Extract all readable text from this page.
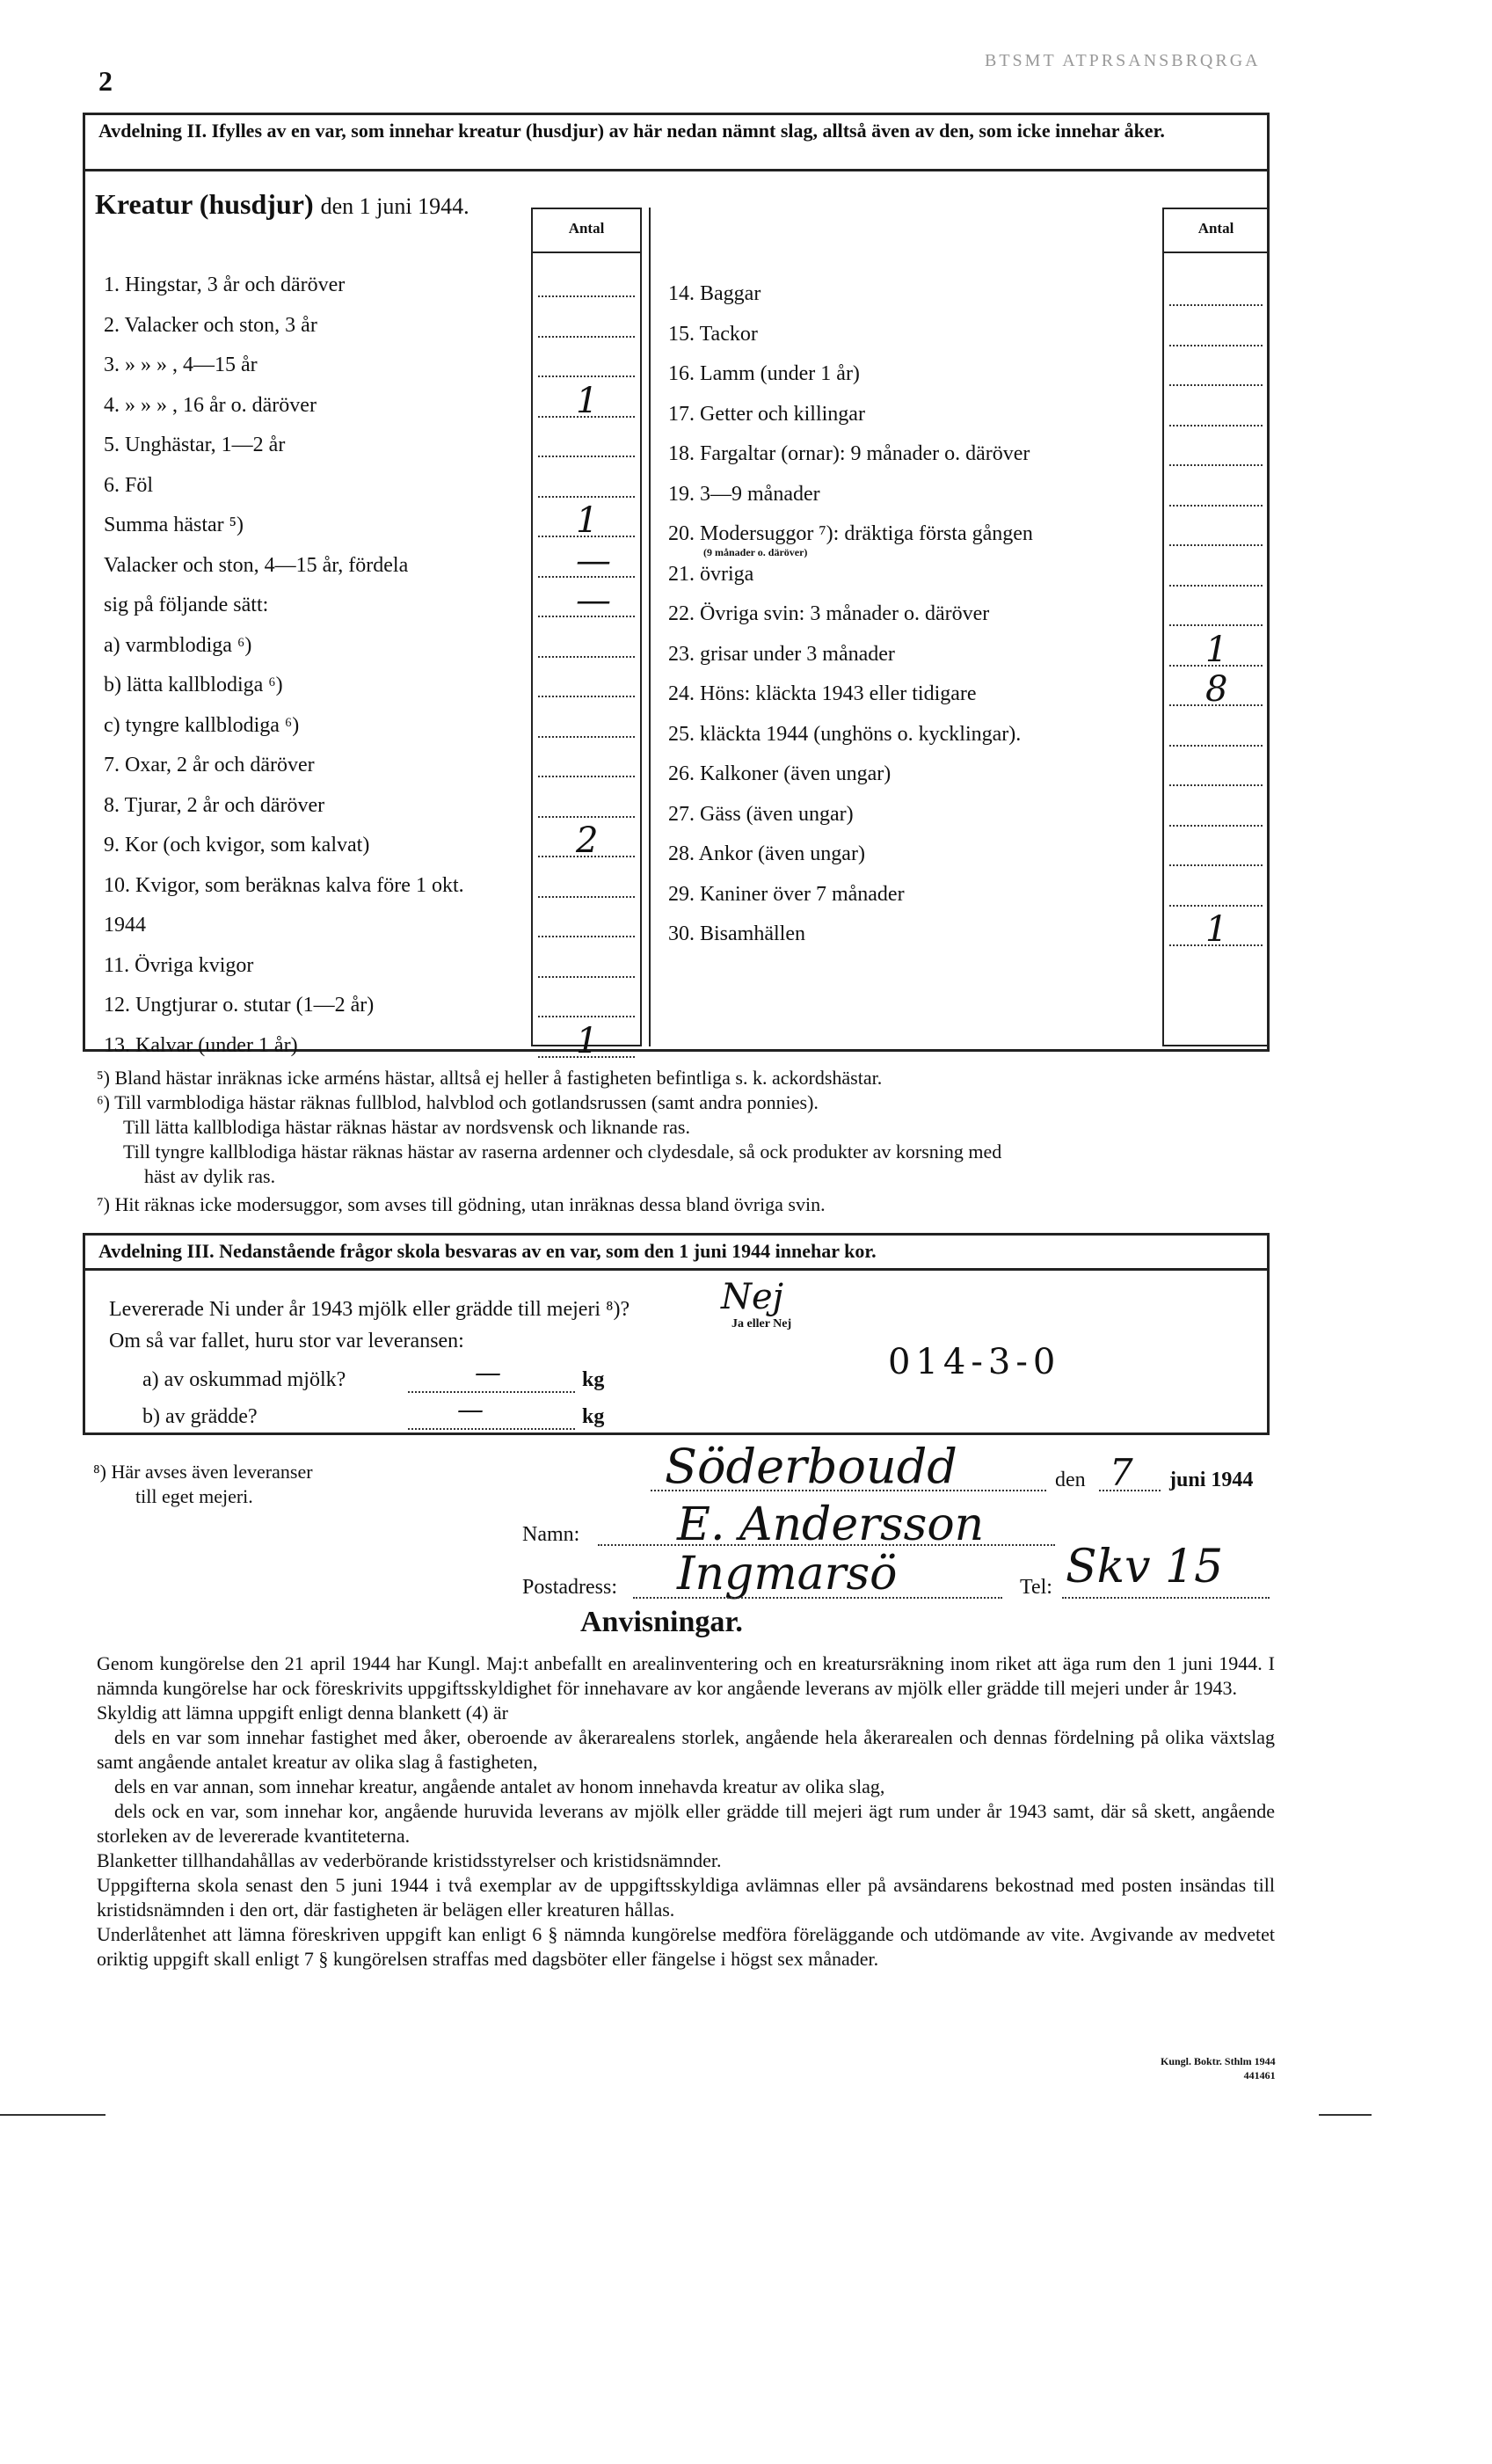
2
BTSMT ATPRSANSBRQRGA
Avdelning II. Ifylles av en var, som innehar kreatur (husdjur) av här nedan nämnt slag, alltså även av den, som icke innehar åker.
Kreatur (husdjur) den 1 juni 1944.
Antal	Antal
1. Hingstar, 3 år och däröver
2. Valacker och ston, 3 år
3. » » » , 4—15 år
4. » » » , 16 år o. däröver	1
5. Unghästar, 1—2 år
6. Föl
Summa hästar ⁵)	1
Valacker och ston, 4—15 år, fördela	—
sig på följande sätt:	—
a) varmblodiga ⁶)
b) lätta kallblodiga ⁶)
c) tyngre kallblodiga ⁶)
7. Oxar, 2 år och däröver
8. Tjurar, 2 år och däröver
9. Kor (och kvigor, som kalvat)	2
10. Kvigor, som beräknas kalva före 1 okt.
1944
11. Övriga kvigor
12. Ungtjurar o. stutar (1—2 år)
13. Kalvar (under 1 år)	1
14. Baggar
15. Tackor
16. Lamm (under 1 år)
17. Getter och killingar
18. Fargaltar (ornar): 9 månader o. däröver
19. 3—9 månader
20. Modersuggor ⁷): dräktiga första gången
21. övriga
22. Övriga svin: 3 månader o. däröver
23. grisar under 3 månader	1
24. Höns: kläckta 1943 eller tidigare	8
25. kläckta 1944 (unghöns o. kycklingar).
26. Kalkoner (även ungar)
27. Gäss (även ungar)
28. Ankor (även ungar)
29. Kaniner över 7 månader
30. Bisamhällen	1
(9 månader o. däröver)
⁵) Bland hästar inräknas icke arméns hästar, alltså ej heller å fastigheten befintliga s. k. ackordshästar.
⁶) Till varmblodiga hästar räknas fullblod, halvblod och gotlandsrussen (samt andra ponnies).
Till lätta kallblodiga hästar räknas hästar av nordsvensk och liknande ras.
Till tyngre kallblodiga hästar räknas hästar av raserna ardenner och clydesdale, så ock produkter av korsning med
häst av dylik ras.
⁷) Hit räknas icke modersuggor, som avses till gödning, utan inräknas dessa bland övriga svin.
Avdelning III. Nedanstående frågor skola besvaras av en var, som den 1 juni 1944 innehar kor.
Levererade Ni under år 1943 mjölk eller grädde till mejeri ⁸)?	Nej
Ja eller Nej
Om så var fallet, huru stor var leveransen:
a) av oskummad mjölk?	—	kg
b) av grädde?	—	kg
014-3-0
⁸) Här avses även leveranser
till eget mejeri.
Söderboudd	den 7 juni 1944
Namn: E. Andersson
Postadress: Ingmarsö	Tel: Skv 15
Anvisningar.

Genom kungörelse den 21 april 1944 har Kungl. Maj:t anbefallt en arealinventering och en kreatursräkning inom riket att äga rum den 1 juni 1944. I nämnda kungörelse har ock föreskrivits uppgiftsskyldighet för innehavare av kor angående leverans av mjölk eller grädde till mejeri under år 1943.

Skyldig att lämna uppgift enligt denna blankett (4) är

dels en var som innehar fastighet med åker, oberoende av åkerarealens storlek, angående hela åkerarealen och dennas fördelning på olika växtslag samt angående antalet kreatur av olika slag å fastigheten,

dels en var annan, som innehar kreatur, angående antalet av honom innehavda kreatur av olika slag,

dels ock en var, som innehar kor, angående huruvida leverans av mjölk eller grädde till mejeri ägt rum under år 1943 samt, där så skett, angående storleken av de levererade kvantiteterna.

Blanketter tillhandahållas av vederbörande kristidsstyrelser och kristidsnämnder.

Uppgifterna skola senast den 5 juni 1944 i två exemplar av de uppgiftsskyldiga avlämnas eller på avsändarens bekostnad med posten insändas till kristidsnämnden i den ort, där fastigheten är belägen eller kreaturen hållas.

Underlåtenhet att lämna föreskriven uppgift kan enligt 6 § nämnda kungörelse medföra föreläggande och utdömande av vite. Avgivande av medvetet oriktig uppgift skall enligt 7 § kungörelsen straffas med dagsböter eller fängelse i högst sex månader.

Kungl. Boktr. Sthlm 1944
441461
